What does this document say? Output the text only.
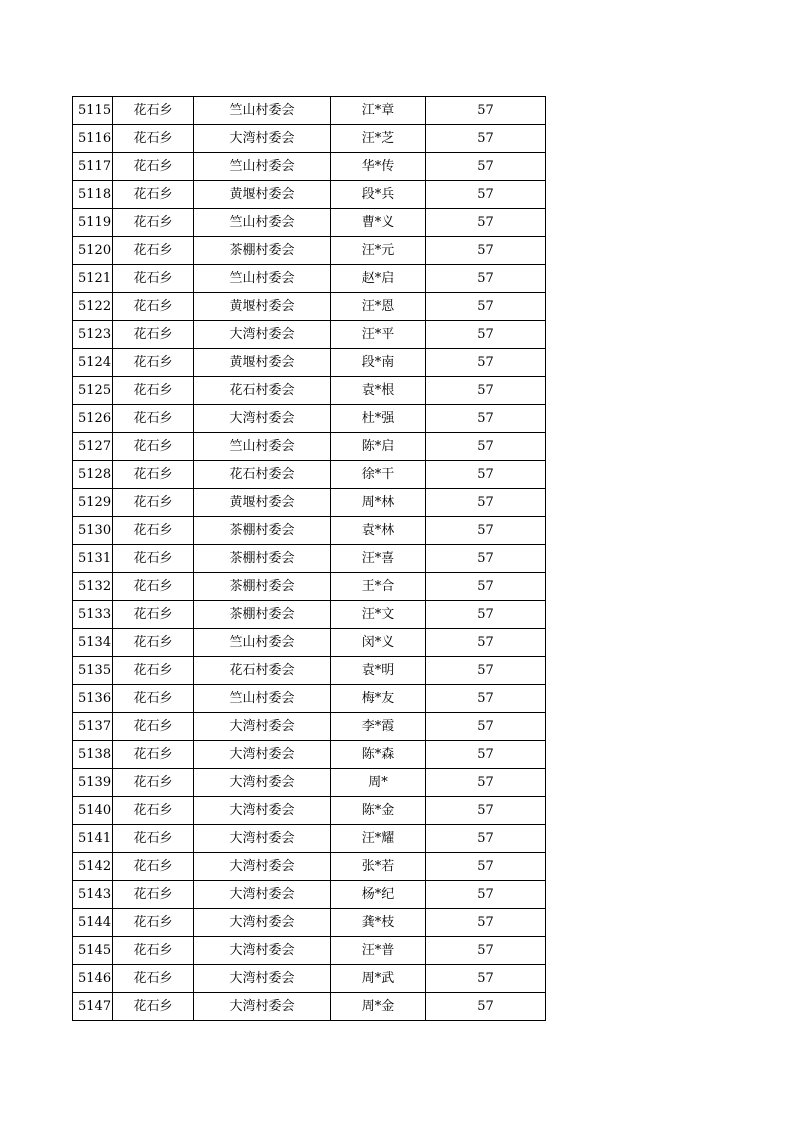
5115	花石乡	竺山村委会	江*章	57
5116	花石乡	大湾村委会	汪*芝	57
5117	花石乡	竺山村委会	华*传	57
5118	花石乡	黄堰村委会	段*兵	57
5119	花石乡	竺山村委会	曹*义	57
5120	花石乡	茶棚村委会	汪*元	57
5121	花石乡	竺山村委会	赵*启	57
5122	花石乡	黄堰村委会	汪*恩	57
5123	花石乡	大湾村委会	汪*平	57
5124	花石乡	黄堰村委会	段*南	57
5125	花石乡	花石村委会	袁*根	57
5126	花石乡	大湾村委会	杜*强	57
5127	花石乡	竺山村委会	陈*启	57
5128	花石乡	花石村委会	徐*干	57
5129	花石乡	黄堰村委会	周*林	57
5130	花石乡	茶棚村委会	袁*林	57
5131	花石乡	茶棚村委会	汪*喜	57
5132	花石乡	茶棚村委会	王*合	57
5133	花石乡	茶棚村委会	汪*文	57
5134	花石乡	竺山村委会	闵*义	57
5135	花石乡	花石村委会	袁*明	57
5136	花石乡	竺山村委会	梅*友	57
5137	花石乡	大湾村委会	李*霞	57
5138	花石乡	大湾村委会	陈*森	57
5139	花石乡	大湾村委会	周*	57
5140	花石乡	大湾村委会	陈*金	57
5141	花石乡	大湾村委会	汪*耀	57
5142	花石乡	大湾村委会	张*若	57
5143	花石乡	大湾村委会	杨*纪	57
5144	花石乡	大湾村委会	龚*枝	57
5145	花石乡	大湾村委会	汪*普	57
5146	花石乡	大湾村委会	周*武	57
5147	花石乡	大湾村委会	周*金	57
